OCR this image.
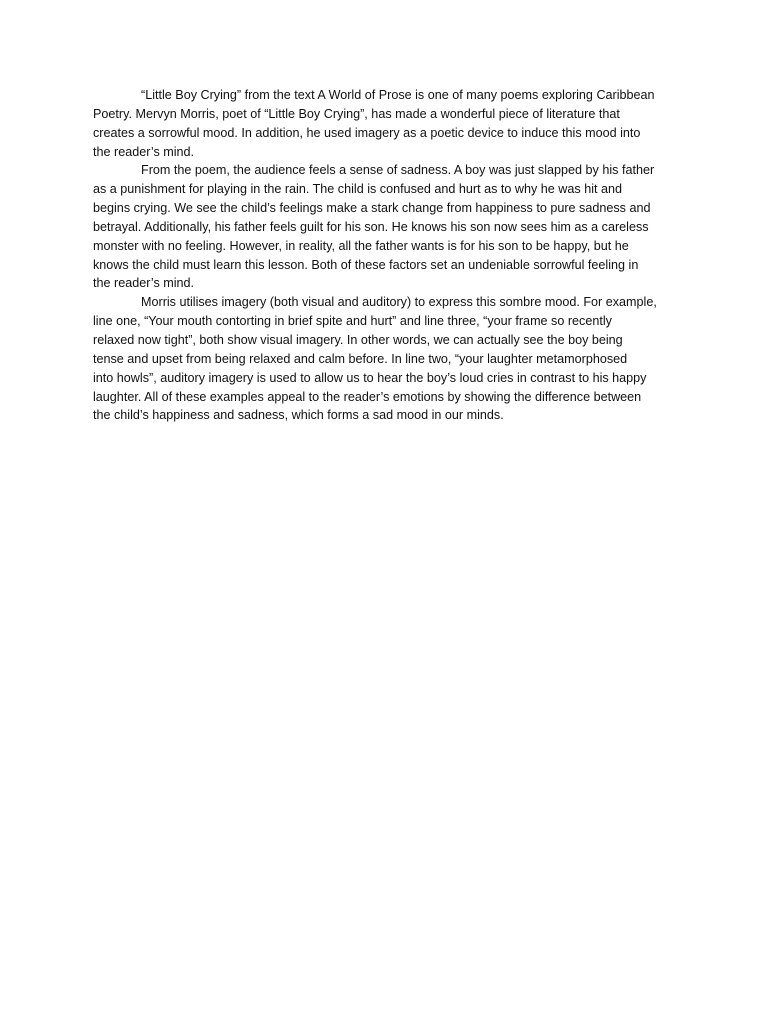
“Little Boy Crying” from the text A World of Prose is one of many poems exploring Caribbean
Poetry. Mervyn Morris, poet of “Little Boy Crying”, has made a wonderful piece of literature that
creates a sorrowful mood. In addition, he used imagery as a poetic device to induce this mood into
the reader’s mind.
From the poem, the audience feels a sense of sadness. A boy was just slapped by his father
as a punishment for playing in the rain. The child is confused and hurt as to why he was hit and
begins crying. We see the child’s feelings make a stark change from happiness to pure sadness and
betrayal. Additionally, his father feels guilt for his son. He knows his son now sees him as a careless
monster with no feeling. However, in reality, all the father wants is for his son to be happy, but he
knows the child must learn this lesson. Both of these factors set an undeniable sorrowful feeling in
the reader’s mind.
Morris utilises imagery (both visual and auditory) to express this sombre mood. For example,
line one, “Your mouth contorting in brief spite and hurt” and line three, “your frame so recently
relaxed now tight”, both show visual imagery. In other words, we can actually see the boy being
tense and upset from being relaxed and calm before. In line two, “your laughter metamorphosed
into howls”, auditory imagery is used to allow us to hear the boy’s loud cries in contrast to his happy
laughter. All of these examples appeal to the reader’s emotions by showing the difference between
the child’s happiness and sadness, which forms a sad mood in our minds.
